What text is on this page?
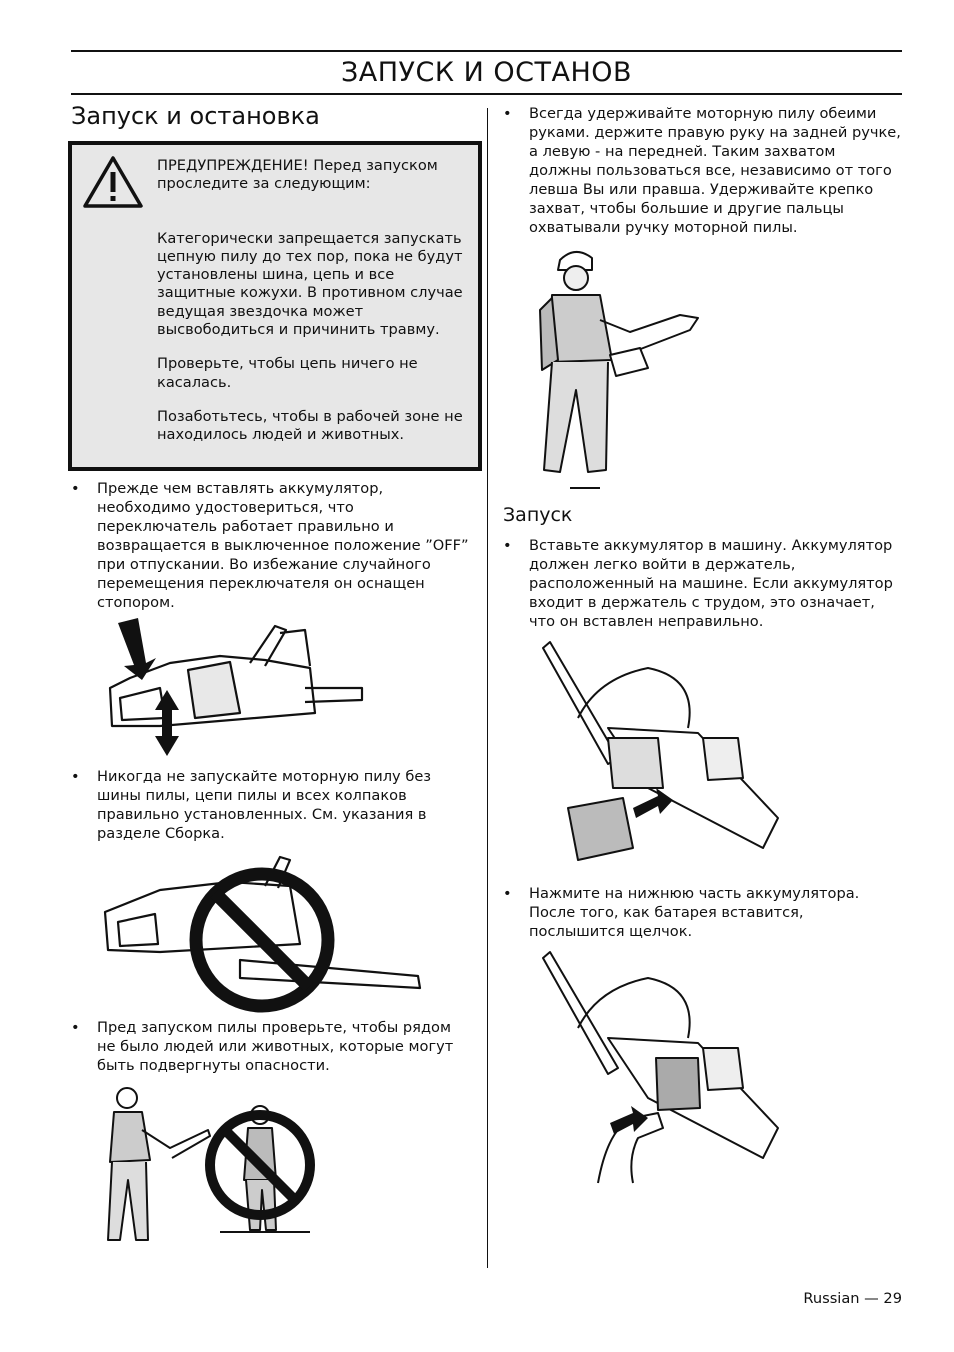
ЗАПУСК И ОСТАНОВ
Запуск и остановка

ПРЕДУПРЕЖДЕНИЕ! Перед запуском проследите за следующим:

Категорически запрещается запускать цепную пилу до тех пор, пока не будут установлены шина, цепь и все защитные кожухи. В противном случае ведущая звездочка может высвободиться и причинить травму.

Проверьте, чтобы цепь ничего не касалась.

Позаботьтесь, чтобы в рабочей зоне не находилось людей и животных.

• Прежде чем вставлять аккумулятор, необходимо удостовериться, что переключатель работает правильно и возвращается в выключенное положение ”OFF” при отпускании. Во избежание случайного перемещения переключателя он оснащен стопором.
• Никогда не запускайте моторную пилу без шины пилы, цепи пилы и всех колпаков правильно установленных. См. указания в разделе Сборка.
• Пред запуском пилы проверьте, чтобы рядом не было людей или животных, которые могут быть подвергнуты опасности.
• Всегда удерживайте моторную пилу обеими руками. держите правую руку на задней ручке, а левую - на передней. Таким захватом должны пользоваться все, независимо от того левша Вы или правша. Удерживайте крепко захват, чтобы большие и другие пальцы охватывали ручку моторной пилы.
Запуск
• Вставьте аккумулятор в машину. Аккумулятор должен легко войти в держатель, расположенный на машине. Если аккумулятор входит в держатель с трудом, это означает, что он вставлен неправильно.
• Нажмите на нижнюю часть аккумулятора. После того, как батарея вставится, послышится щелчок.
Russian — 29
